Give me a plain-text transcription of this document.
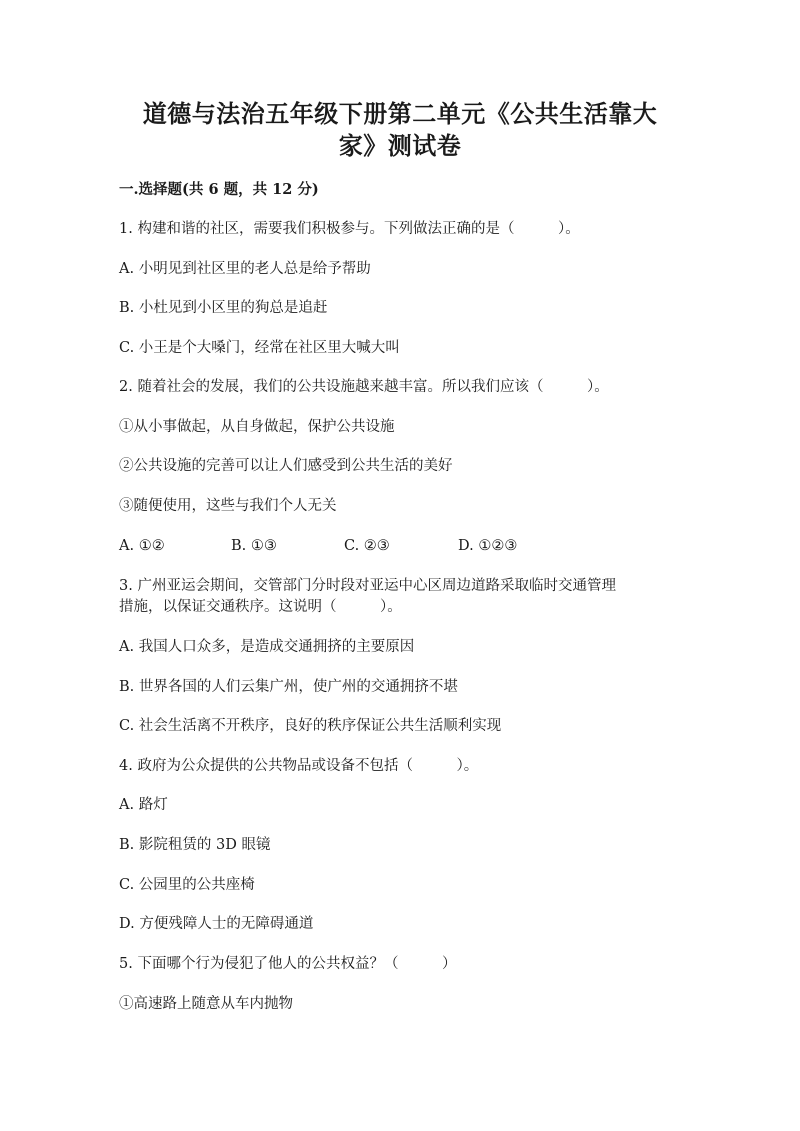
道德与法治五年级下册第二单元《公共生活靠大
家》测试卷
一.选择题(共 6 题，共 12 分)
1. 构建和谐的社区，需要我们积极参与。下列做法正确的是（　　　）。
A. 小明见到社区里的老人总是给予帮助
B. 小杜见到小区里的狗总是追赶
C. 小王是个大嗓门，经常在社区里大喊大叫
2. 随着社会的发展，我们的公共设施越来越丰富。所以我们应该（　　　）。
①从小事做起，从自身做起，保护公共设施
②公共设施的完善可以让人们感受到公共生活的美好
③随便使用，这些与我们个人无关
A. ①②	B. ①③	C. ②③	D. ①②③
3. 广州亚运会期间，交管部门分时段对亚运中心区周边道路采取临时交通管理
措施，以保证交通秩序。这说明（　　　）。
A. 我国人口众多，是造成交通拥挤的主要原因
B. 世界各国的人们云集广州，使广州的交通拥挤不堪
C. 社会生活离不开秩序，良好的秩序保证公共生活顺利实现
4. 政府为公众提供的公共物品或设备不包括（　　　）。
A. 路灯
B. 影院租赁的 3D 眼镜
C. 公园里的公共座椅
D. 方便残障人士的无障碍通道
5. 下面哪个行为侵犯了他人的公共权益？（　　　）
①高速路上随意从车内抛物
